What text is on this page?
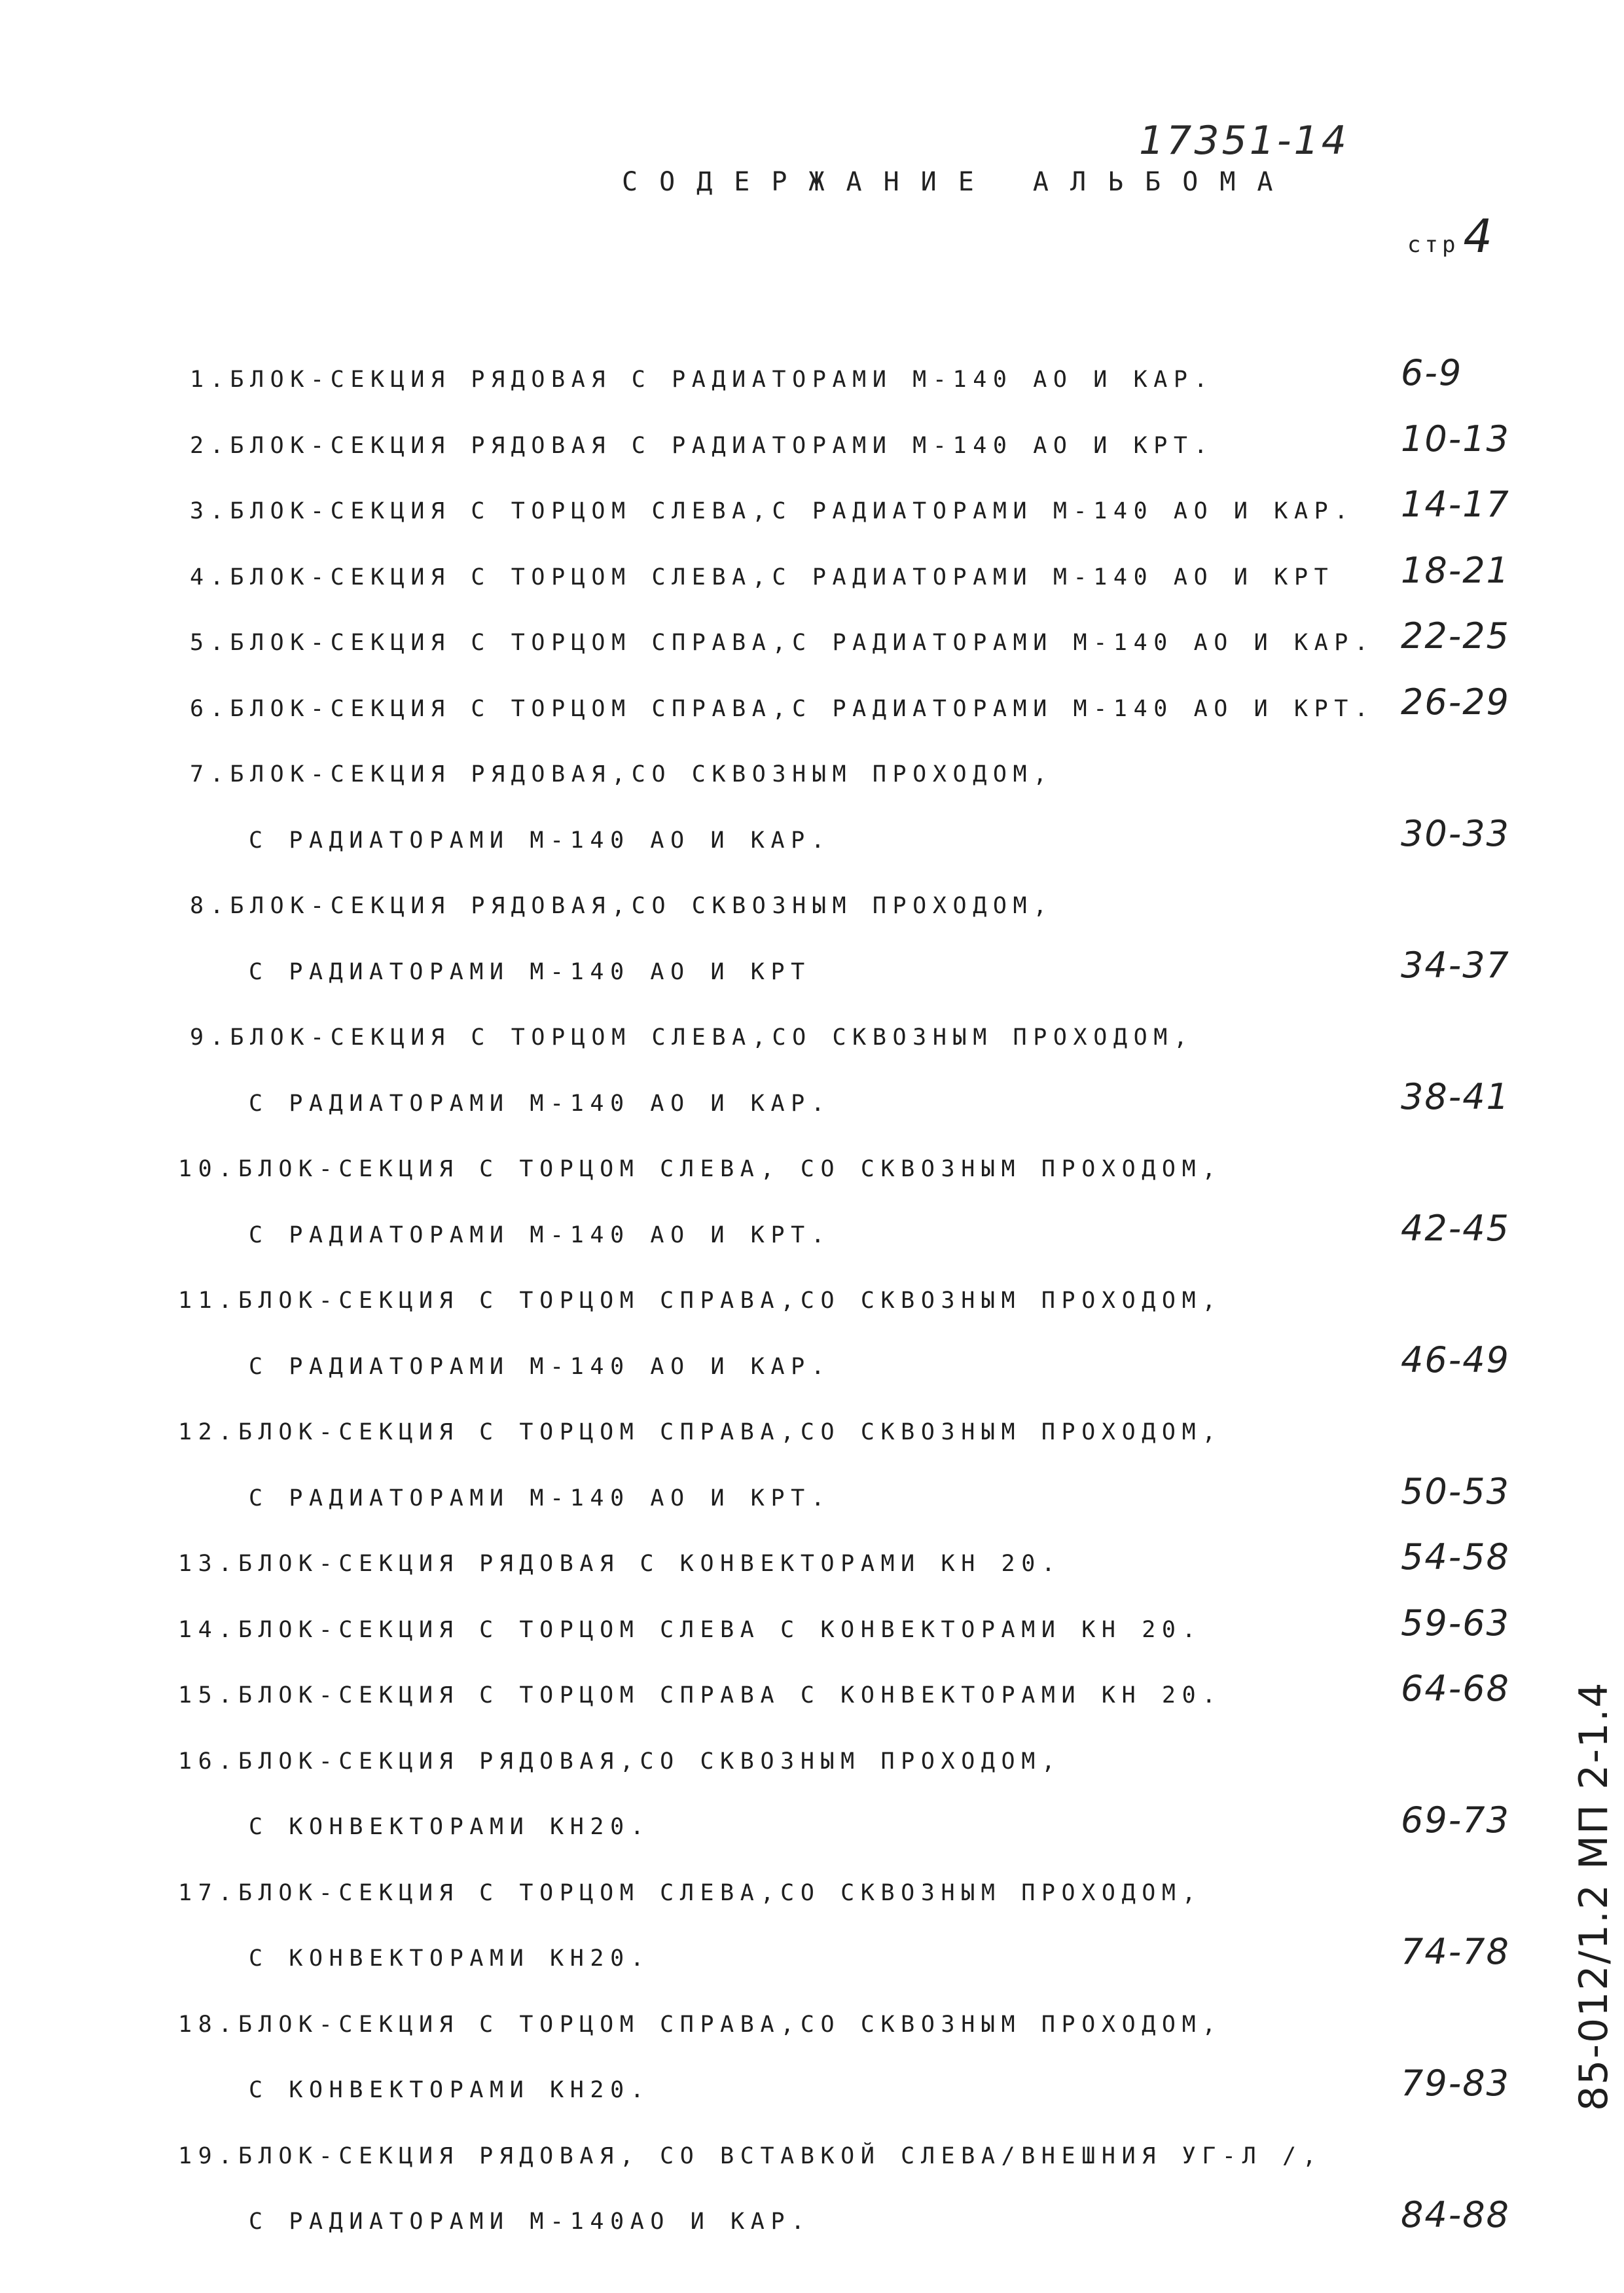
17351-14
СОДЕРЖАНИЕ АЛЬБОМА
стр4
1.БЛОК-СЕКЦИЯ РЯДОВАЯ С РАДИАТОРАМИ М-140 АО И КАР.	6-9
2.БЛОК-СЕКЦИЯ РЯДОВАЯ С РАДИАТОРАМИ М-140 АО И КРТ.	10-13
3.БЛОК-СЕКЦИЯ С ТОРЦОМ СЛЕВА,С РАДИАТОРАМИ М-140 АО И КАР. 14-17
4.БЛОК-СЕКЦИЯ С ТОРЦОМ СЛЕВА,С РАДИАТОРАМИ М-140 АО И КРТ 18-21
5.БЛОК-СЕКЦИЯ С ТОРЦОМ СПРАВА,С РАДИАТОРАМИ М-140 АО И КАР. 22-25
6.БЛОК-СЕКЦИЯ С ТОРЦОМ СПРАВА,С РАДИАТОРАМИ М-140 АО И КРТ. 26-29
7.БЛОК-СЕКЦИЯ РЯДОВАЯ,СО СКВОЗНЫМ ПРОХОДОМ,
С РАДИАТОРАМИ М-140 АО И КАР.	30-33
8.БЛОК-СЕКЦИЯ РЯДОВАЯ,СО СКВОЗНЫМ ПРОХОДОМ,
С РАДИАТОРАМИ М-140 АО И КРТ	34-37
9.БЛОК-СЕКЦИЯ С ТОРЦОМ СЛЕВА,СО СКВОЗНЫМ ПРОХОДОМ,
С РАДИАТОРАМИ М-140 АО И КАР.	38-41
10.БЛОК-СЕКЦИЯ С ТОРЦОМ СЛЕВА, СО СКВОЗНЫМ ПРОХОДОМ,
С РАДИАТОРАМИ М-140 АО И КРТ.	42-45
11.БЛОК-СЕКЦИЯ С ТОРЦОМ СПРАВА,СО СКВОЗНЫМ ПРОХОДОМ,
С РАДИАТОРАМИ М-140 АО И КАР.	46-49
12.БЛОК-СЕКЦИЯ С ТОРЦОМ СПРАВА,СО СКВОЗНЫМ ПРОХОДОМ,
С РАДИАТОРАМИ М-140 АО И КРТ.	50-53
13.БЛОК-СЕКЦИЯ РЯДОВАЯ С КОНВЕКТОРАМИ КН 20.	54-58
14.БЛОК-СЕКЦИЯ С ТОРЦОМ СЛЕВА С КОНВЕКТОРАМИ КН 20.	59-63
15.БЛОК-СЕКЦИЯ С ТОРЦОМ СПРАВА С КОНВЕКТОРАМИ КН 20.	64-68
16.БЛОК-СЕКЦИЯ РЯДОВАЯ,СО СКВОЗНЫМ ПРОХОДОМ,
С КОНВЕКТОРАМИ КН20.	69-73
17.БЛОК-СЕКЦИЯ С ТОРЦОМ СЛЕВА,СО СКВОЗНЫМ ПРОХОДОМ,
С КОНВЕКТОРАМИ КН20.	74-78
18.БЛОК-СЕКЦИЯ С ТОРЦОМ СПРАВА,СО СКВОЗНЫМ ПРОХОДОМ,
С КОНВЕКТОРАМИ КН20.	79-83
19.БЛОК-СЕКЦИЯ РЯДОВАЯ, СО ВСТАВКОЙ СЛЕВА/ВНЕШНИЯ УГ-Л /,
С РАДИАТОРАМИ М-140АО И КАР.	84-88
85-012/1.2 МП 2-1.4
